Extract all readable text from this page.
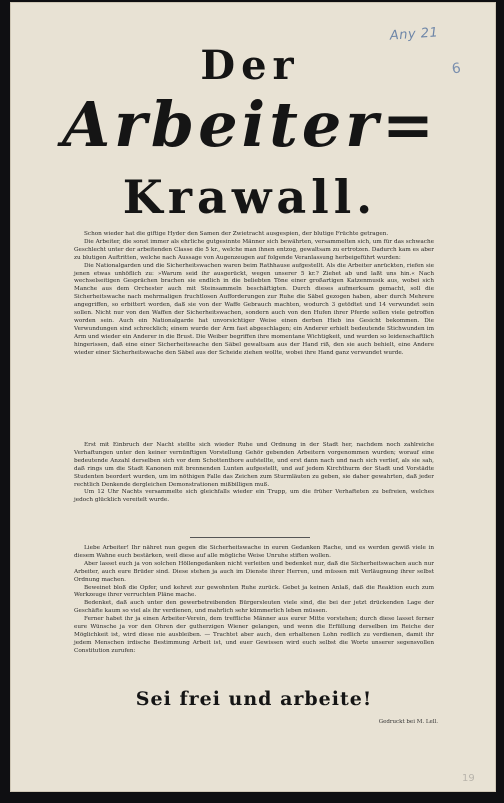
Any 21
6
Der
Arbeiter=
Krawall.

Schon wieder hat die giftige Hyder den Samen der Zwietracht ausgespien, der blutige Früchte getragen.

Die Arbeiter, die sonst immer als ehrliche gutgesinnte Männer sich bewährten, versammelten sich, um für das schwache Geschlecht unter der arbeitenden Classe die 5 kr., welche man ihnen entzog, gewaltsam zu ertrotzen. Dadurch kam es aber zu blutigen Auftritten, welche nach Aussage von Augenzeugen auf folgende Veranlassung herbeigeführt wurden:

Die Nationalgarden und die Sicherheitswachen waren beim Rathhause aufgestellt. Als die Arbeiter anrückten, riefen sie jenen etwas unhöflich zu: »Warum seid ihr ausgerückt, wegen unserer 5 kr.? Ziehet ab und laßt uns hin.« Nach wechselseitigen Gesprächen brachen sie endlich in die beliebten Töne einer großartigen Katzenmusik aus, wobei sich Manche aus dem Orchester auch mit Steinsammeln beschäftigten. Durch dieses aufmerksam gemacht, soll die Sicherheitswache nach mehrmaligen fruchtlosen Aufforderungen zur Ruhe die Säbel gezogen haben, aber durch Mehrere angegriffen, so erbittert worden, daß sie von der Waffe Gebrauch machten, wodurch 3 getödtet und 14 verwundet sein sollen. Nicht nur von den Waffen der Sicherheitswachen, sondern auch von den Hufen ihrer Pferde sollen viele getroffen worden sein. Auch ein Nationalgarde hat unvorsichtiger Weise einen derben Hieb ins Gesicht bekommen. Die Verwundungen sind schrecklich; einem wurde der Arm fast abgeschlagen; ein Anderer erhielt bedeutende Stichwunden im Arm und wieder ein Anderer in die Brust. Die Weiber begriffen ihre momentane Wichtigkeit, und wurden so leidenschaftlich hingerissen, daß eine einer Sicherheitswache den Säbel gewaltsam aus der Hand riß, den sie auch behielt, eine Andere wieder einer Sicherheitswache den Säbel aus der Scheide ziehen wollte, wobei ihre Hand ganz verwundet wurde.

Erst mit Einbruch der Nacht stellte sich wieder Ruhe und Ordnung in der Stadt her, nachdem noch zahlreiche Verhaftungen unter den keiner vernünftigen Vorstellung Gehör gebenden Arbeitern vorgenommen wurden; worauf eine bedeutende Anzahl derselben sich vor dem Schottenthore aufstellte, und erst dann nach und nach sich verlief, als sie sah, daß rings um die Stadt Kanonen mit brennenden Lunten aufgestellt, und auf jedem Kirchthurm der Stadt und Vorstädte Studenten beordert wurden, um im nöthigen Falle das Zeichen zum Sturmläuten zu geben, sie daher gewahrten, daß jeder rechtlich Denkende dergleichen Demonstrationen mißbilligen muß.

Um 12 Uhr Nachts versammelte sich gleichfalls wieder ein Trupp, um die früher Verhafteten zu befreien, welches jedoch glücklich vereitelt wurde.

Liebe Arbeiter! Ihr nähret nun gegen die Sicherheitswache in euren Gedanken Rache, und es werden gewiß viele in diesem Wahne euch bestärken, weil diese auf alle mögliche Weise Unruhe stiften wollen.

Aber lasset euch ja von solchen Höllengedanken nicht verleiten und bedenket nur, daß die Sicherheitswachen auch nur Arbeiter, auch eure Brüder sind. Diese stehen ja auch im Dienste ihrer Herren, und müssen mit Verläugnung ihrer selbst Ordnung machen.

Beweinet bloß die Opfer, und kehret zur gewohnten Ruhe zurück. Gebet ja keinen Anlaß, daß die Reaktion euch zum Werkzeuge ihrer verruchten Pläne mache.

Bedenket, daß auch unter den gewerbetreibenden Bürgersleuten viele sind, die bei der jetzt drückenden Lage der Geschäfte kaum so viel als ihr verdienen, und mahrlich sehr kümmerlich leben müssen.

Ferner habet ihr ja einen Arbeiter-Verein, dem treffliche Männer aus eurer Mitte vorstehen; durch diese lasset ferner eure Wünsche ja vor den Ohren der gutherzigen Wiener gelangen, und wenn die Erfüllung derselben im Reiche der Möglichkeit ist, wird diese nie ausbleiben. — Trachtet aber auch, den erhaltenen Lohn redlich zu verdienen, damit ihr jedem Menschen irdische Bestimmung Arbeit ist, und euer Gewissen wird euch selbst die Worte unserer segensvollen Constitution zurufen:

Sei frei und arbeite!
Gedruckt bei M. Lell.
19
